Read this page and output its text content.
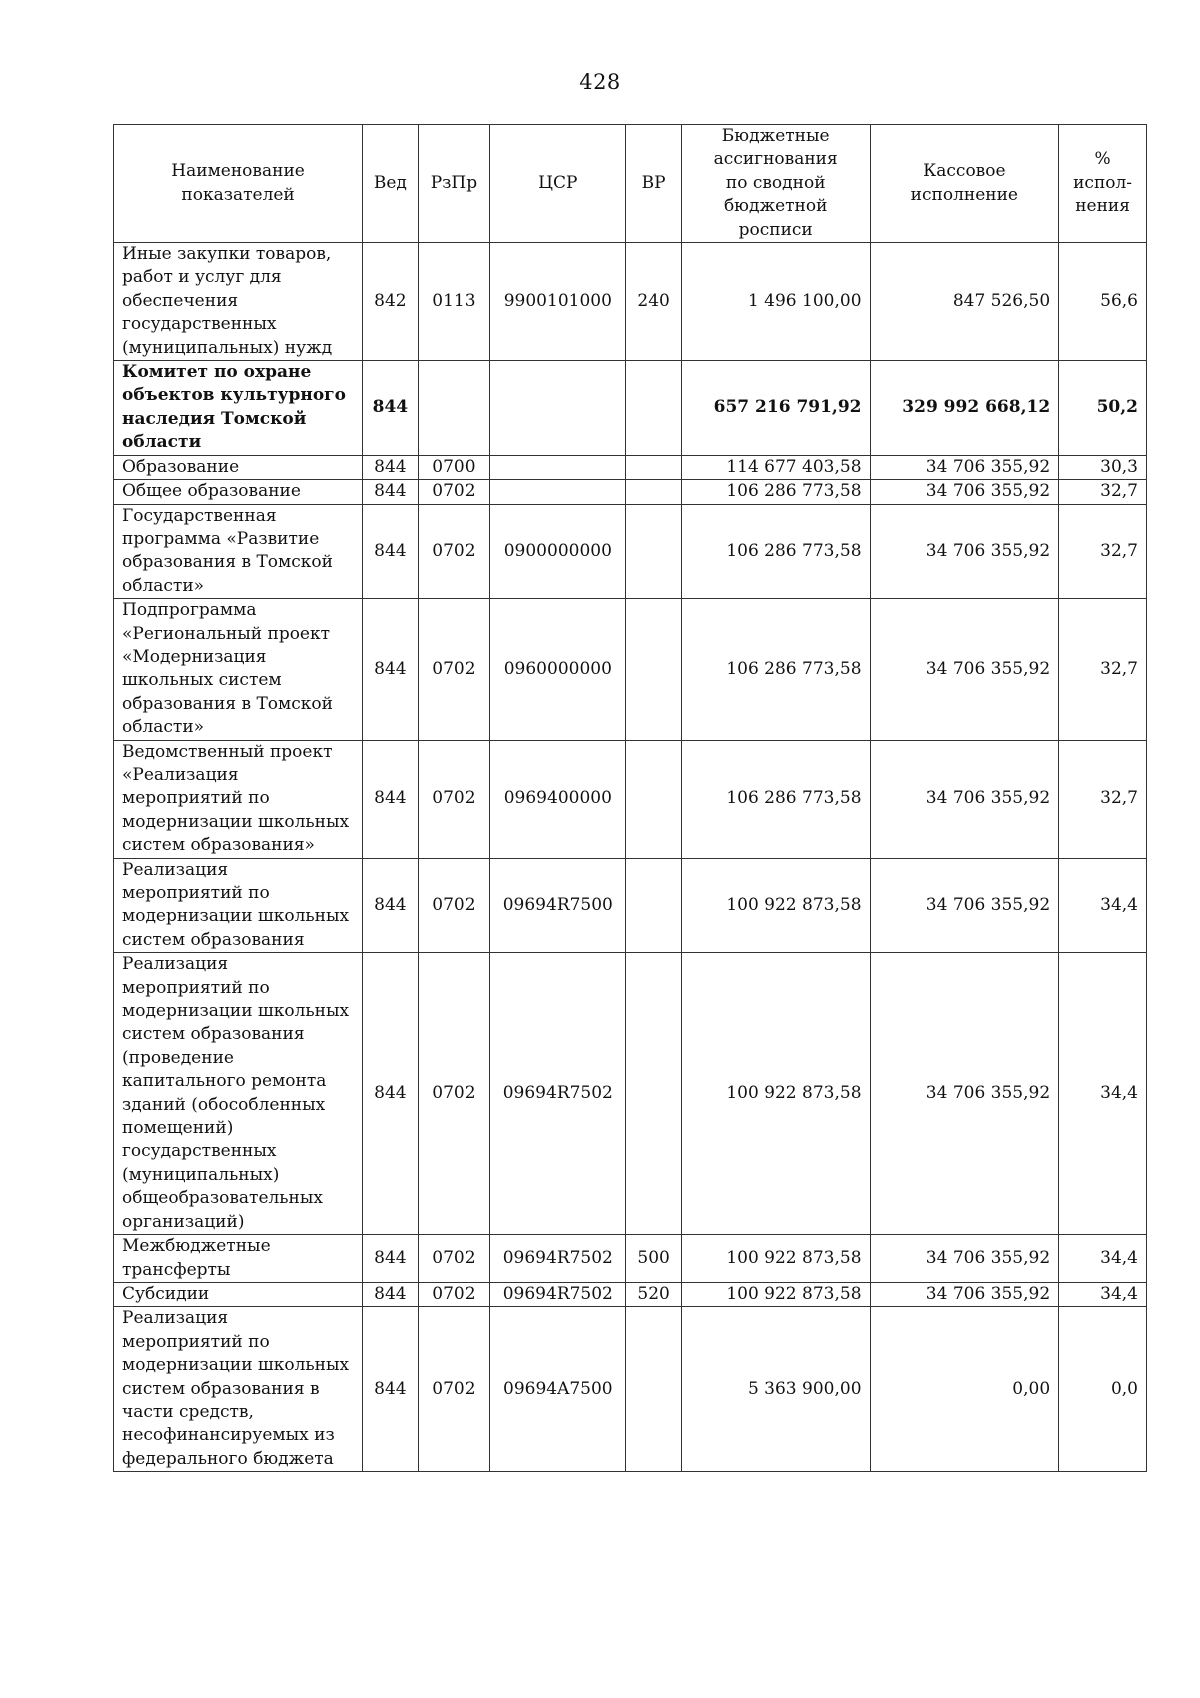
428
Наименование показателей	Вед	РзПр	ЦСР	ВР	Бюджетные ассигнования по сводной бюджетной росписи	Кассовое исполнение	% испол-нения
Иные закупки товаров, работ и услуг для обеспечения государственных (муниципальных) нужд	842	0113	9900101000	240	1 496 100,00	847 526,50	56,6
Комитет по охране объектов культурного наследия Томской области	844				657 216 791,92	329 992 668,12	50,2
Образование	844	0700			114 677 403,58	34 706 355,92	30,3
Общее образование	844	0702			106 286 773,58	34 706 355,92	32,7
Государственная программа «Развитие образования в Томской области»	844	0702	0900000000		106 286 773,58	34 706 355,92	32,7
Подпрограмма «Региональный проект «Модернизация школьных систем образования в Томской области»	844	0702	0960000000		106 286 773,58	34 706 355,92	32,7
Ведомственный проект «Реализация мероприятий по модернизации школьных систем образования»	844	0702	0969400000		106 286 773,58	34 706 355,92	32,7
Реализация мероприятий по модернизации школьных систем образования	844	0702	09694R7500		100 922 873,58	34 706 355,92	34,4
Реализация мероприятий по модернизации школьных систем образования (проведение капитального ремонта зданий (обособленных помещений) государственных (муниципальных) общеобразовательных организаций)	844	0702	09694R7502		100 922 873,58	34 706 355,92	34,4
Межбюджетные трансферты	844	0702	09694R7502	500	100 922 873,58	34 706 355,92	34,4
Субсидии	844	0702	09694R7502	520	100 922 873,58	34 706 355,92	34,4
Реализация мероприятий по модернизации школьных систем образования в части средств, несофинансируемых из федерального бюджета	844	0702	09694A7500		5 363 900,00	0,00	0,0
